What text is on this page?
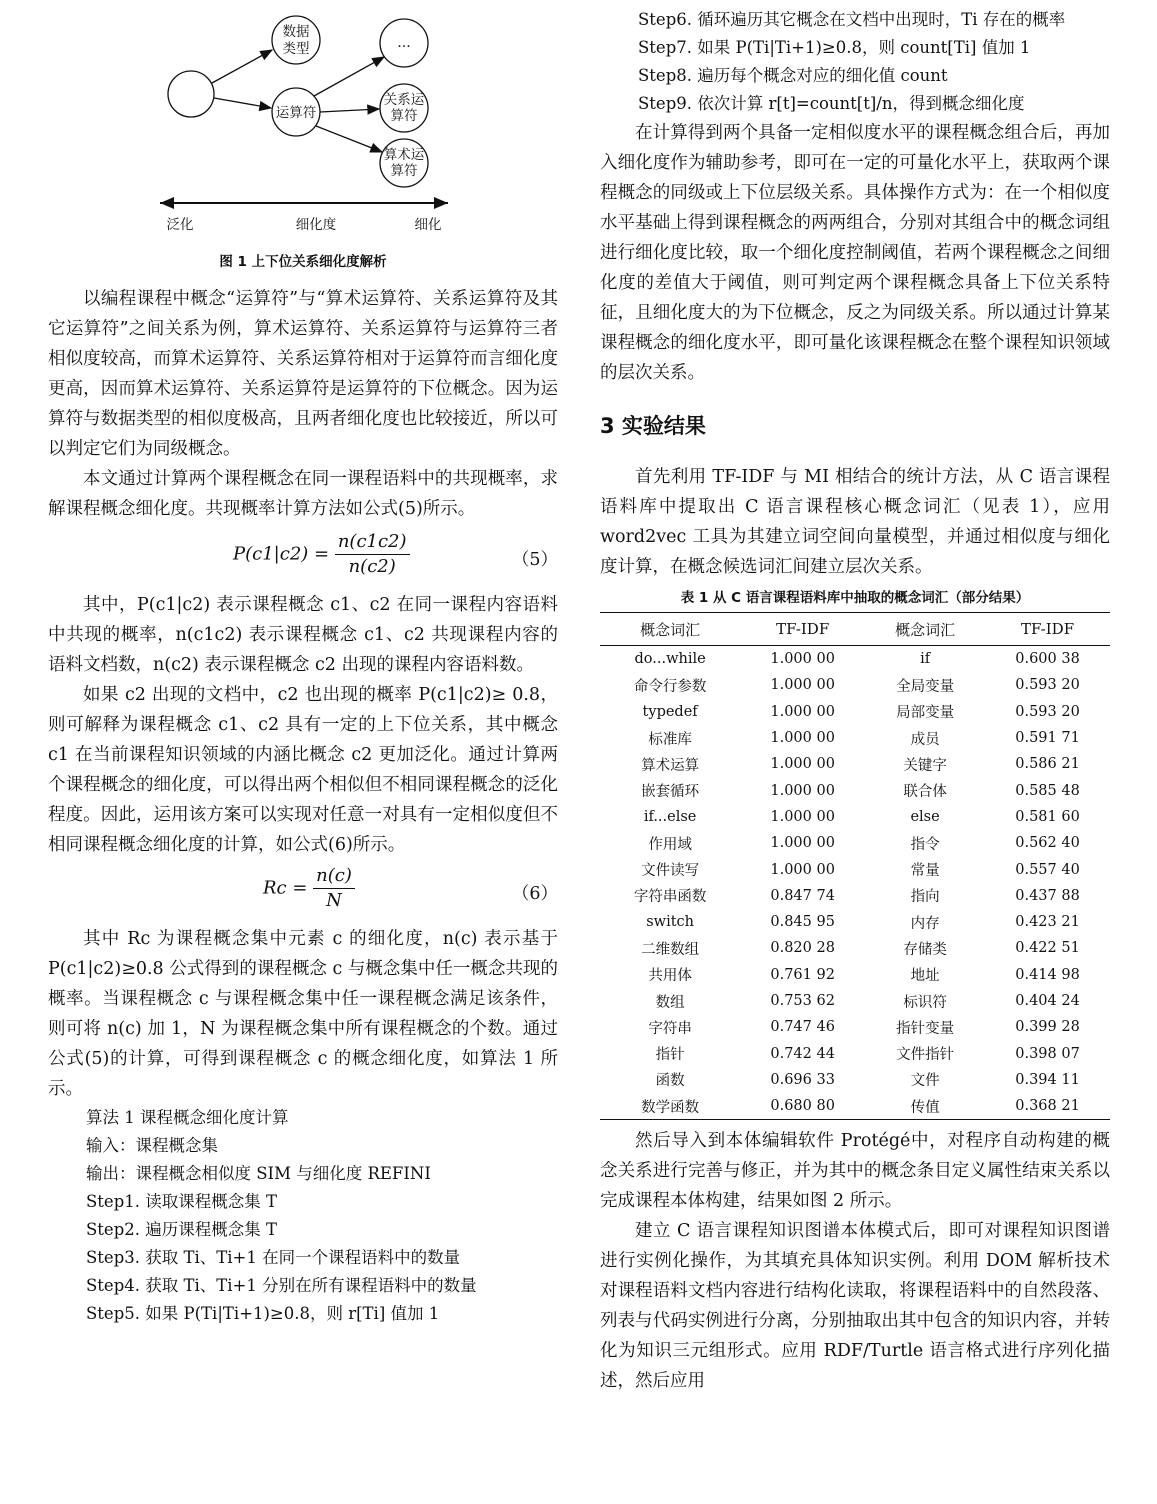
数据
类型	…
运算符
关系运
算符
算术运
算符
泛化	细化度	细化
图 1 上下位关系细化度解析

以编程课程中概念“运算符”与“算术运算符、关系运算符及其它运算符”之间关系为例，算术运算符、关系运算符与运算符三者相似度较高，而算术运算符、关系运算符相对于运算符而言细化度更高，因而算术运算符、关系运算符是运算符的下位概念。因为运算符与数据类型的相似度极高，且两者细化度也比较接近，所以可以判定它们为同级概念。

本文通过计算两个课程概念在同一课程语料中的共现概率，求解课程概念细化度。共现概率计算方法如公式(5)所示。

$P(c1|c2) = \frac{n(c1c2)}{n(c2)}$	（5）

其中，P(c1|c2) 表示课程概念 c1、c2 在同一课程内容语料中共现的概率，n(c1c2) 表示课程概念 c1、c2 共现课程内容的语料文档数，n(c2) 表示课程概念 c2 出现的课程内容语料数。

如果 c2 出现的文档中，c2 也出现的概率 P(c1|c2)≥ 0.8，则可解释为课程概念 c1、c2 具有一定的上下位关系，其中概念 c1 在当前课程知识领域的内涵比概念 c2 更加泛化。通过计算两个课程概念的细化度，可以得出两个相似但不相同课程概念的泛化程度。因此，运用该方案可以实现对任意一对具有一定相似度但不相同课程概念细化度的计算，如公式(6)所示。

$Rc = \frac{n(c)}{N}$	（6）

其中 Rc 为课程概念集中元素 c 的细化度，n(c) 表示基于 P(c1|c2)≥0.8 公式得到的课程概念 c 与概念集中任一概念共现的概率。当课程概念 c 与课程概念集中任一课程概念满足该条件，则可将 n(c) 加 1，N 为课程概念集中所有课程概念的个数。通过公式(5)的计算，可得到课程概念 c 的概念细化度，如算法 1 所示。

算法 1 课程概念细化度计算

输入：课程概念集

输出：课程概念相似度 SIM 与细化度 REFINI

Step1. 读取课程概念集 T

Step2. 遍历课程概念集 T

Step3. 获取 Ti、Ti+1 在同一个课程语料中的数量

Step4. 获取 Ti、Ti+1 分别在所有课程语料中的数量

Step5. 如果 P(Ti|Ti+1)≥0.8，则 r[Ti] 值加 1

Step6. 循环遍历其它概念在文档中出现时，Ti 存在的概率

Step7. 如果 P(Ti|Ti+1)≥0.8，则 count[Ti] 值加 1

Step8. 遍历每个概念对应的细化值 count

Step9. 依次计算 r[t]=count[t]/n，得到概念细化度

在计算得到两个具备一定相似度水平的课程概念组合后，再加入细化度作为辅助参考，即可在一定的可量化水平上，获取两个课程概念的同级或上下位层级关系。具体操作方式为：在一个相似度水平基础上得到课程概念的两两组合，分别对其组合中的概念词组进行细化度比较，取一个细化度控制阈值，若两个课程概念之间细化度的差值大于阈值，则可判定两个课程概念具备上下位关系特征，且细化度大的为下位概念，反之为同级关系。所以通过计算某课程概念的细化度水平，即可量化该课程概念在整个课程知识领域的层次关系。

3 实验结果

首先利用 TF-IDF 与 MI 相结合的统计方法，从 C 语言课程语料库中提取出 C 语言课程核心概念词汇（见表 1），应用 word2vec 工具为其建立词空间向量模型，并通过相似度与细化度计算，在概念候选词汇间建立层次关系。

表 1 从 C 语言课程语料库中抽取的概念词汇（部分结果）

概念词汇	TF-IDF	概念词汇	TF-IDF
do...while	1.000 00	if	0.600 38
命令行参数	1.000 00	全局变量	0.593 20
typedef	1.000 00	局部变量	0.593 20
标准库	1.000 00	成员	0.591 71
算术运算	1.000 00	关键字	0.586 21
嵌套循环	1.000 00	联合体	0.585 48
if...else	1.000 00	else	0.581 60
作用域	1.000 00	指令	0.562 40
文件读写	1.000 00	常量	0.557 40
字符串函数	0.847 74	指向	0.437 88
switch	0.845 95	内存	0.423 21
二维数组	0.820 28	存储类	0.422 51
共用体	0.761 92	地址	0.414 98
数组	0.753 62	标识符	0.404 24
字符串	0.747 46	指针变量	0.399 28
指针	0.742 44	文件指针	0.398 07
函数	0.696 33	文件	0.394 11
数学函数	0.680 80	传值	0.368 21

然后导入到本体编辑软件 Protégé中，对程序自动构建的概念关系进行完善与修正，并为其中的概念条目定义属性结束关系以完成课程本体构建，结果如图 2 所示。

建立 C 语言课程知识图谱本体模式后，即可对课程知识图谱进行实例化操作，为其填充具体知识实例。利用 DOM 解析技术对课程语料文档内容进行结构化读取，将课程语料中的自然段落、列表与代码实例进行分离，分别抽取出其中包含的知识内容，并转化为知识三元组形式。应用 RDF/Turtle 语言格式进行序列化描述，然后应用
